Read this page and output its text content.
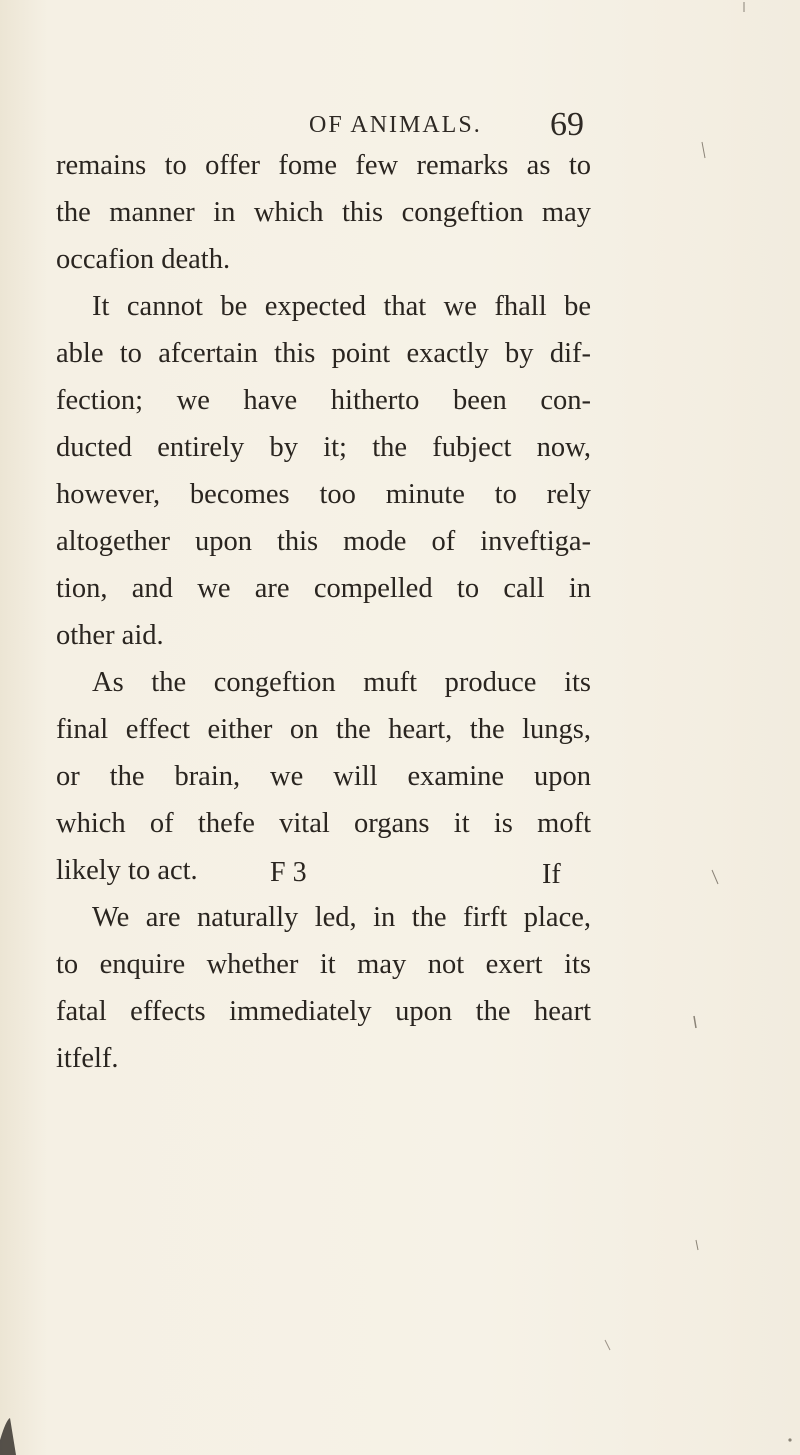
OF ANIMALS. 69
remains to offer fome few remarks as to
the manner in which this congeftion may
occafion death.
It cannot be expected that we fhall be
able to afcertain this point exactly by dif-
fection; we have hitherto been con-
ducted entirely by it; the fubject now,
however, becomes too minute to rely
altogether upon this mode of inveftiga-
tion, and we are compelled to call in
other aid.
As the congeftion muft produce its
final effect either on the heart, the lungs,
or the brain, we will examine upon
which of thefe vital organs it is moft
likely to act.
We are naturally led, in the firft place,
to enquire whether it may not exert its
fatal effects immediately upon the heart
itfelf.
F 3	If
